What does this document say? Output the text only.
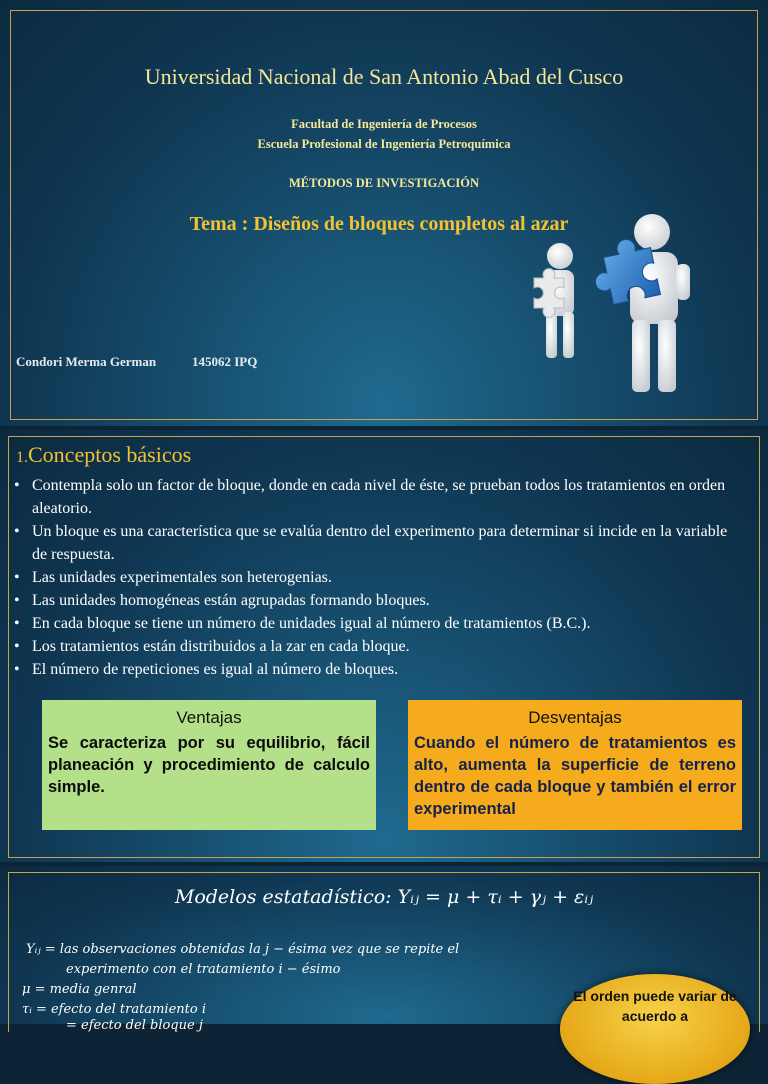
Universidad Nacional de San Antonio Abad del Cusco
Facultad de Ingeniería de Procesos
Escuela Profesional de Ingeniería Petroquímica
MÉTODOS DE INVESTIGACIÓN
Tema : Diseños de bloques completos al azar
Condori Merma German	145062 IPQ
1.Conceptos básicos
• Contempla solo un factor de bloque, donde en cada nivel de éste, se prueban todos los tratamientos en orden aleatorio.
• Un bloque es una característica que se evalúa dentro del experimento para determinar si incide en la variable de respuesta.
• Las unidades experimentales son heterogenias.
• Las unidades homogéneas están agrupadas formando bloques.
• En cada bloque se tiene un número de unidades igual al número de tratamientos (B.C.).
• Los tratamientos están distribuidos a la zar en cada bloque.
• El número de repeticiones es igual al número de bloques.
Ventajas
Se caracteriza por su equilibrio, fácil planeación y procedimiento de calculo simple.
Desventajas
Cuando el número de tratamientos es alto, aumenta la superficie de terreno dentro de cada bloque y también el error experimental
Modelos estatadístico: Yᵢⱼ = μ + τᵢ + γⱼ + εᵢⱼ
Yᵢⱼ = las observaciones obtenidas la j − ésima vez que se repite el
experimento con el tratamiento i − ésimo
μ = media genral
τᵢ = efecto del tratamiento i
= efecto del bloque j
El orden puede variar de acuerdo a
